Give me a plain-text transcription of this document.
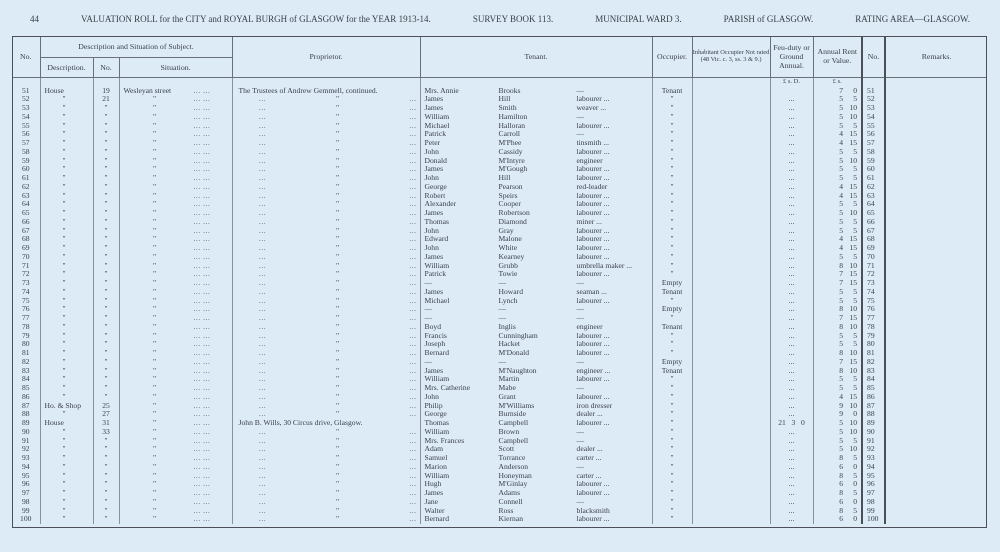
44	VALUATION ROLL for the CITY and ROYAL BURGH of GLASGOW for the YEAR 1913-14.	SURVEY BOOK 113.	MUNICIPAL WARD 3.	PARISH of GLASGOW.	RATING AREA—GLASGOW.
No.	Description and Situation of Subject.			Proprietor.	Tenant.	Occupier.	Inhabitant Occupier Not rated (48 Vic. c. 3, ss. 3 & 9.)	Feu-duty or Ground Annual.	Annual Rent or Value.	No.	Remarks.
	Description.	No.	Situation.								
								£ s. D.	£ s.		
51	House	19	Wesleyan street ... ...	The Trustees of Andrew Gemmell, continued.	Mrs. Annie Brooks —	Tenant			7 0	51	
52	"	21	" ... ...	... " ...	James Hill labourer ...	"		...	5 5	52	
53	"	"	" ... ...	... " ...	James Smith weaver ...	"		...	5 10	53	
54	"	"	" ... ...	... " ...	William Hamilton —	"		...	5 10	54	
55	"	"	" ... ...	... " ...	Michael Halloran labourer ...	"		...	5 5	55	
56	"	"	" ... ...	... " ...	Patrick Carroll —	"		...	4 15	56	
57	"	"	" ... ...	... " ...	Peter M'Phee tinsmith ...	"		...	4 15	57	
58	"	"	" ... ...	... " ...	John Cassidy labourer ...	"		...	5 5	58	
59	"	"	" ... ...	... " ...	Donald M'Intyre engineer	"		...	5 10	59	
60	"	"	" ... ...	... " ...	James M'Gough labourer ...	"		...	5 5	60	
61	"	"	" ... ...	... " ...	John Hill labourer ...	"		...	5 5	61	
62	"	"	" ... ...	... " ...	George Pearson red-leader	"		...	4 15	62	
63	"	"	" ... ...	... " ...	Robert Speirs labourer ...	"		...	4 15	63	
64	"	"	" ... ...	... " ...	Alexander Cooper labourer ...	"		...	5 5	64	
65	"	"	" ... ...	... " ...	James Robertson labourer ...	"		...	5 10	65	
66	"	"	" ... ...	... " ...	Thomas Diamond miner ...	"		...	5 5	66	
67	"	"	" ... ...	... " ...	John Gray labourer ...	"		...	5 5	67	
68	"	"	" ... ...	... " ...	Edward Malone labourer ...	"		...	4 15	68	
69	"	"	" ... ...	... " ...	John White labourer ...	"		...	4 15	69	
70	"	"	" ... ...	... " ...	James Kearney labourer ...	"		...	5 5	70	
71	"	"	" ... ...	... " ...	William Grubb umbrella maker ...	"		...	8 10	71	
72	"	"	" ... ...	... " ...	Patrick Towie labourer ...	"		...	7 15	72	
73	"	"	" ... ...	... " ...	— — —	Empty		...	7 15	73	
74	"	"	" ... ...	... " ...	James Howard seaman ...	Tenant		...	5 5	74	
75	"	"	" ... ...	... " ...	Michael Lynch labourer ...	"		...	5 5	75	
76	"	"	" ... ...	... " ...	— — —	Empty		...	8 10	76	
77	"	"	" ... ...	... " ...	— — —	"		...	7 15	77	
78	"	"	" ... ...	... " ...	Boyd Inglis engineer	Tenant		...	8 10	78	
79	"	"	" ... ...	... " ...	Francis Cunningham labourer ...	"		...	5 5	79	
80	"	"	" ... ...	... " ...	Joseph Hacket labourer ...	"		...	5 5	80	
81	"	"	" ... ...	... " ...	Bernard M'Donald labourer ...	"		...	8 10	81	
82	"	"	" ... ...	... " ...	— — —	Empty		...	7 15	82	
83	"	"	" ... ...	... " ...	James M'Naughton engineer ...	Tenant		...	8 10	83	
84	"	"	" ... ...	... " ...	William Martin labourer ...	"		...	5 5	84	
85	"	"	" ... ...	... " ...	Mrs. Catherine Mabe —	"		...	5 5	85	
86	"	"	" ... ...	... " ...	John Grant labourer ...	"		...	4 15	86	
87	Ho. & Shop	25	" ... ...	... " ...	Philip M'Williams iron dresser	"		...	9 10	87	
88	"	27	" ... ...	... " ...	George Burnside dealer ...	"		...	9 0	88	
89	House	31	" ... ...	John B. Wills, 30 Circus drive, Glasgow.	Thomas Campbell labourer ...	"		21   3   0	5 10	89	
90	"	33	" ... ...	... " ...	William Brown —	"		...	5 10	90	
91	"	"	" ... ...	... " ...	Mrs. Frances Campbell —	"		...	5 5	91	
92	"	"	" ... ...	... " ...	Adam Scott dealer ...	"		...	5 10	92	
93	"	"	" ... ...	... " ...	Samuel Torrance carter ...	"		...	8 5	93	
94	"	"	" ... ...	... " ...	Marion Anderson —	"		...	6 0	94	
95	"	"	" ... ...	... " ...	William Honeyman carter ...	"		...	8 5	95	
96	"	"	" ... ...	... " ...	Hugh M'Ginlay labourer ...	"		...	6 0	96	
97	"	"	" ... ...	... " ...	James Adams labourer ...	"		...	8 5	97	
98	"	"	" ... ...	... " ...	Jane Connell —	"		...	6 0	98	
99	"	"	" ... ...	... " ...	Walter Ross blacksmith	"		...	8 5	99	
100	"	"	" ... ...	... " ...	Bernard Kiernan labourer ...	"		...	6 0	100	
